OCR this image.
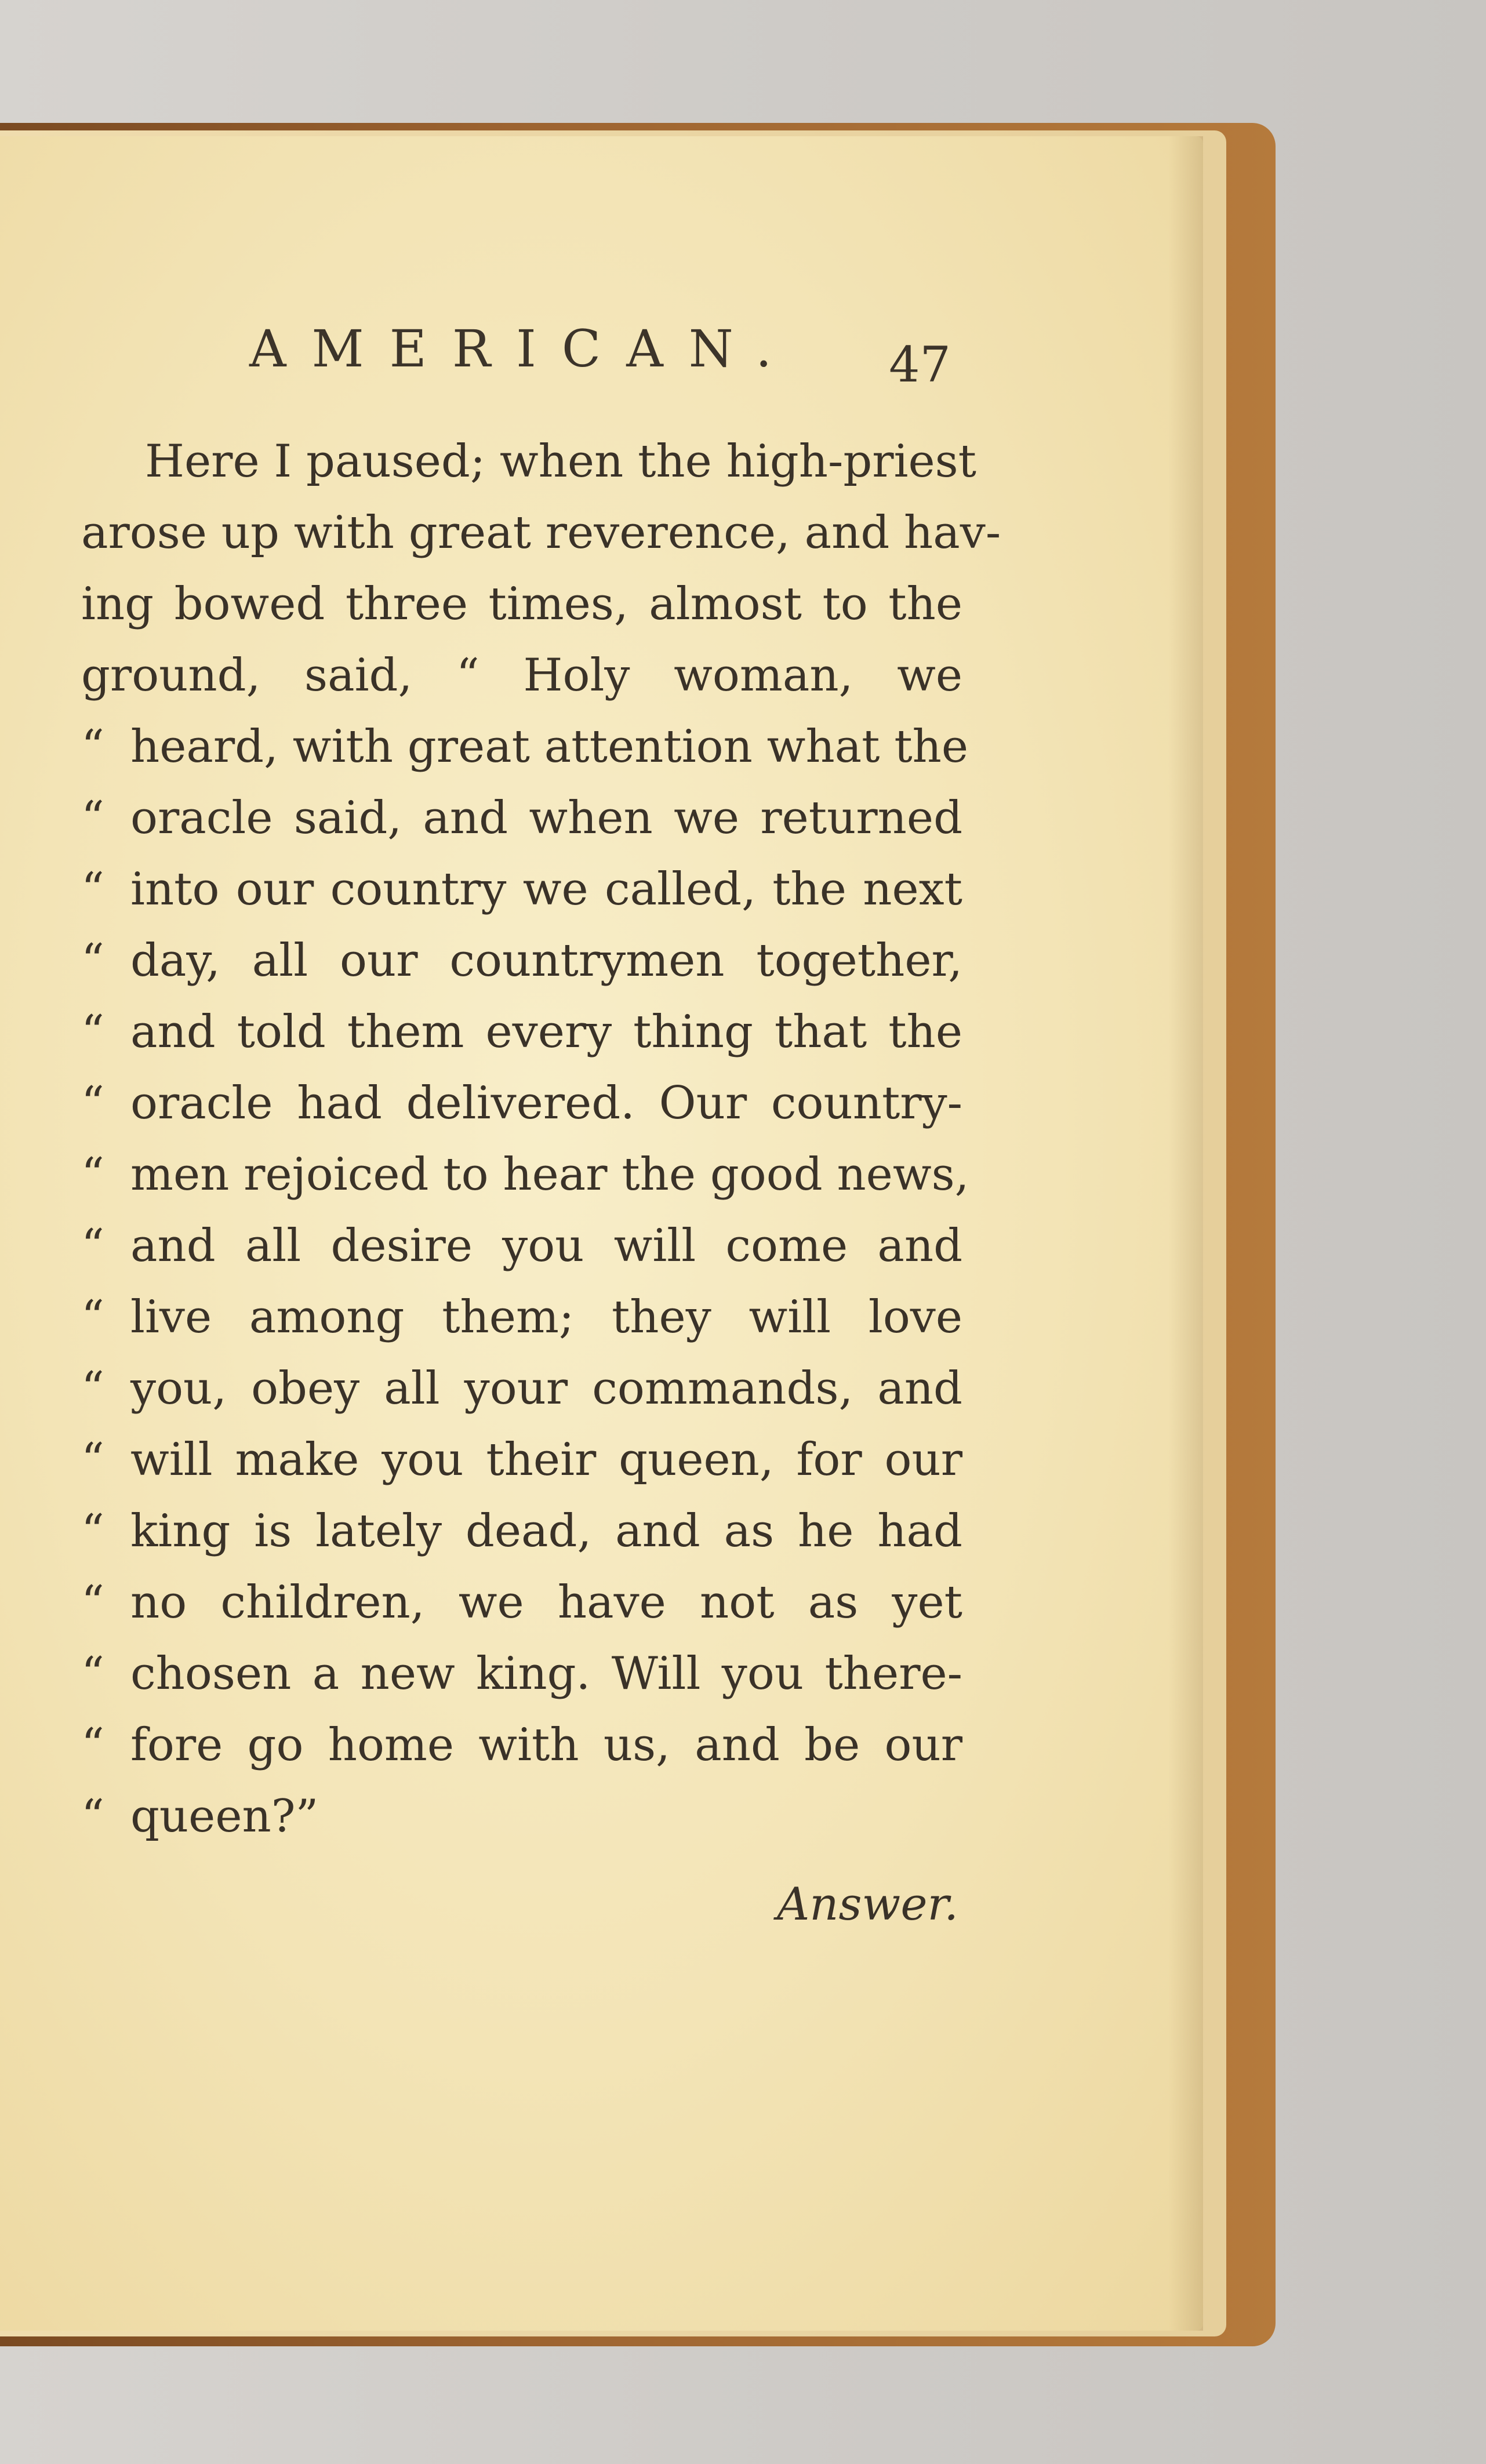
AMERICAN. 47
Here I paused; when the high-priest
arose up with great reverence, and hav-
ing bowed three times, almost to the
ground, said, “ Holy woman, we
“ heard, with great attention what the
“ oracle said, and when we returned
“ into our country we called, the next
“ day, all our countrymen together,
“ and told them every thing that the
“ oracle had delivered. Our country-
“ men rejoiced to hear the good news,
“ and all desire you will come and
“ live among them; they will love
“ you, obey all your commands, and
“ will make you their queen, for our
“ king is lately dead, and as he had
“ no children, we have not as yet
“ chosen a new king. Will you there-
“ fore go home with us, and be our
“ queen?”
Answer.
